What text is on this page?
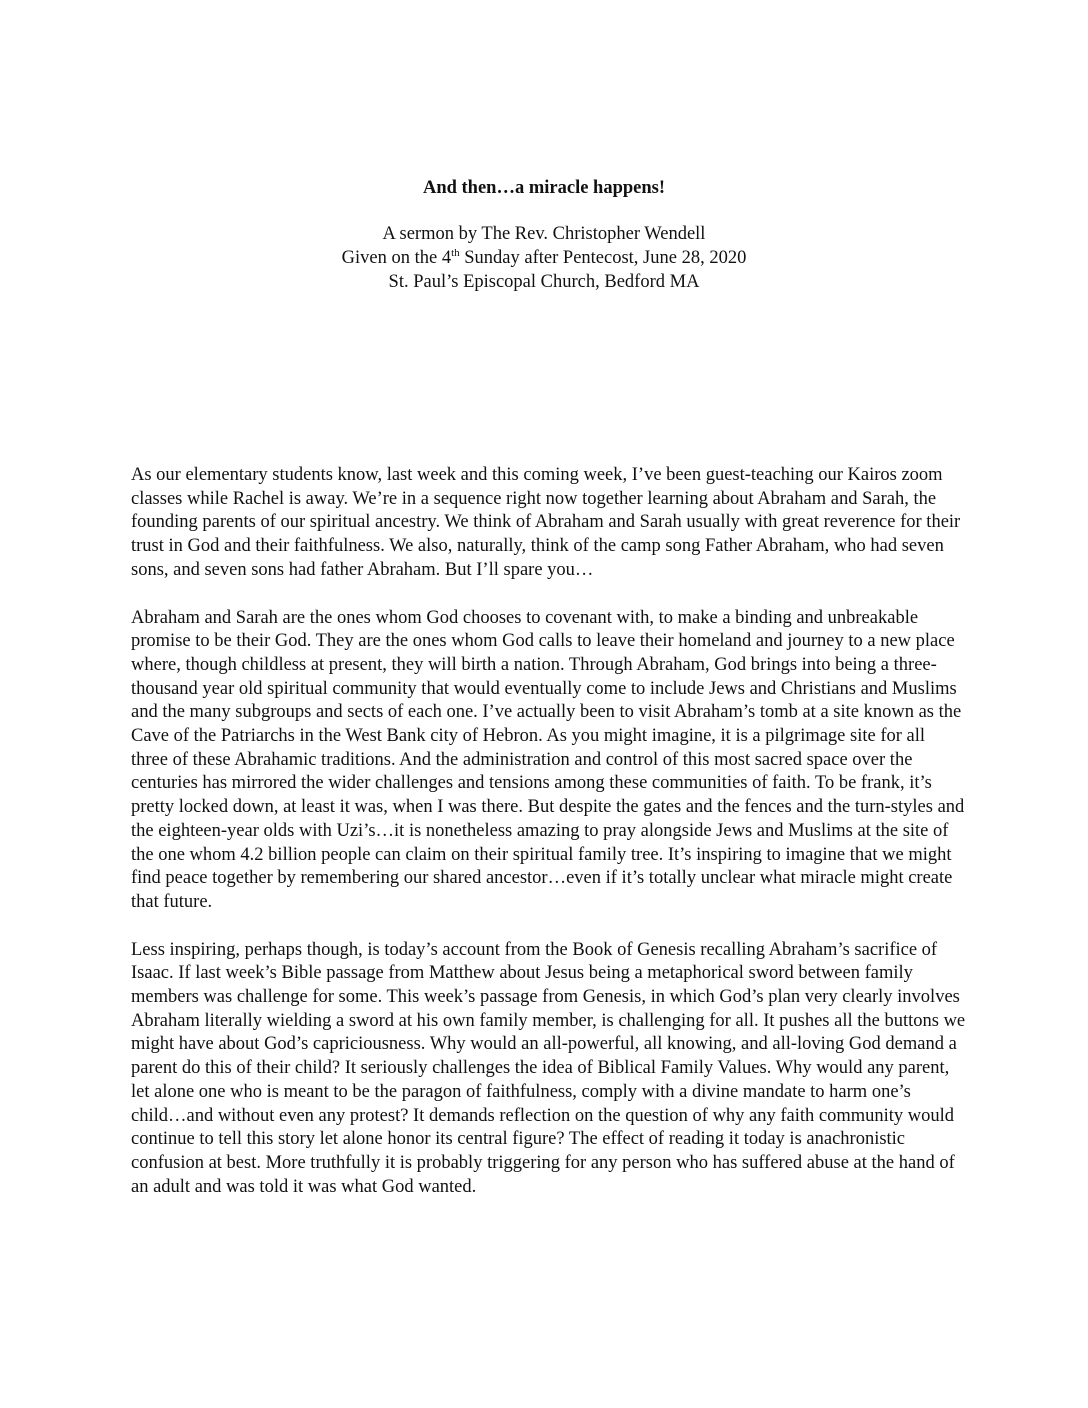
And then…a miracle happens!

A sermon by The Rev. Christopher Wendell

Given on the 4th Sunday after Pentecost, June 28, 2020

St. Paul’s Episcopal Church, Bedford MA

As our elementary students know, last week and this coming week, I’ve been guest-teaching our Kairos zoom classes while Rachel is away. We’re in a sequence right now together learning about Abraham and Sarah, the founding parents of our spiritual ancestry. We think of Abraham and Sarah usually with great reverence for their trust in God and their faithfulness. We also, naturally, think of the camp song Father Abraham, who had seven sons, and seven sons had father Abraham. But I’ll spare you…

Abraham and Sarah are the ones whom God chooses to covenant with, to make a binding and unbreakable promise to be their God. They are the ones whom God calls to leave their homeland and journey to a new place where, though childless at present, they will birth a nation. Through Abraham, God brings into being a three-thousand year old spiritual community that would eventually come to include Jews and Christians and Muslims and the many subgroups and sects of each one. I’ve actually been to visit Abraham’s tomb at a site known as the Cave of the Patriarchs in the West Bank city of Hebron. As you might imagine, it is a pilgrimage site for all three of these Abrahamic traditions. And the administration and control of this most sacred space over the centuries has mirrored the wider challenges and tensions among these communities of faith. To be frank, it’s pretty locked down, at least it was, when I was there. But despite the gates and the fences and the turn-styles and the eighteen-year olds with Uzi’s…it is nonetheless amazing to pray alongside Jews and Muslims at the site of the one whom 4.2 billion people can claim on their spiritual family tree. It’s inspiring to imagine that we might find peace together by remembering our shared ancestor…even if it’s totally unclear what miracle might create that future.

Less inspiring, perhaps though, is today’s account from the Book of Genesis recalling Abraham’s sacrifice of Isaac. If last week’s Bible passage from Matthew about Jesus being a metaphorical sword between family members was challenge for some. This week’s passage from Genesis, in which God’s plan very clearly involves Abraham literally wielding a sword at his own family member, is challenging for all. It pushes all the buttons we might have about God’s capriciousness. Why would an all-powerful, all knowing, and all-loving God demand a parent do this of their child? It seriously challenges the idea of Biblical Family Values. Why would any parent, let alone one who is meant to be the paragon of faithfulness, comply with a divine mandate to harm one’s child…and without even any protest? It demands reflection on the question of why any faith community would continue to tell this story let alone honor its central figure? The effect of reading it today is anachronistic confusion at best. More truthfully it is probably triggering for any person who has suffered abuse at the hand of an adult and was told it was what God wanted.
